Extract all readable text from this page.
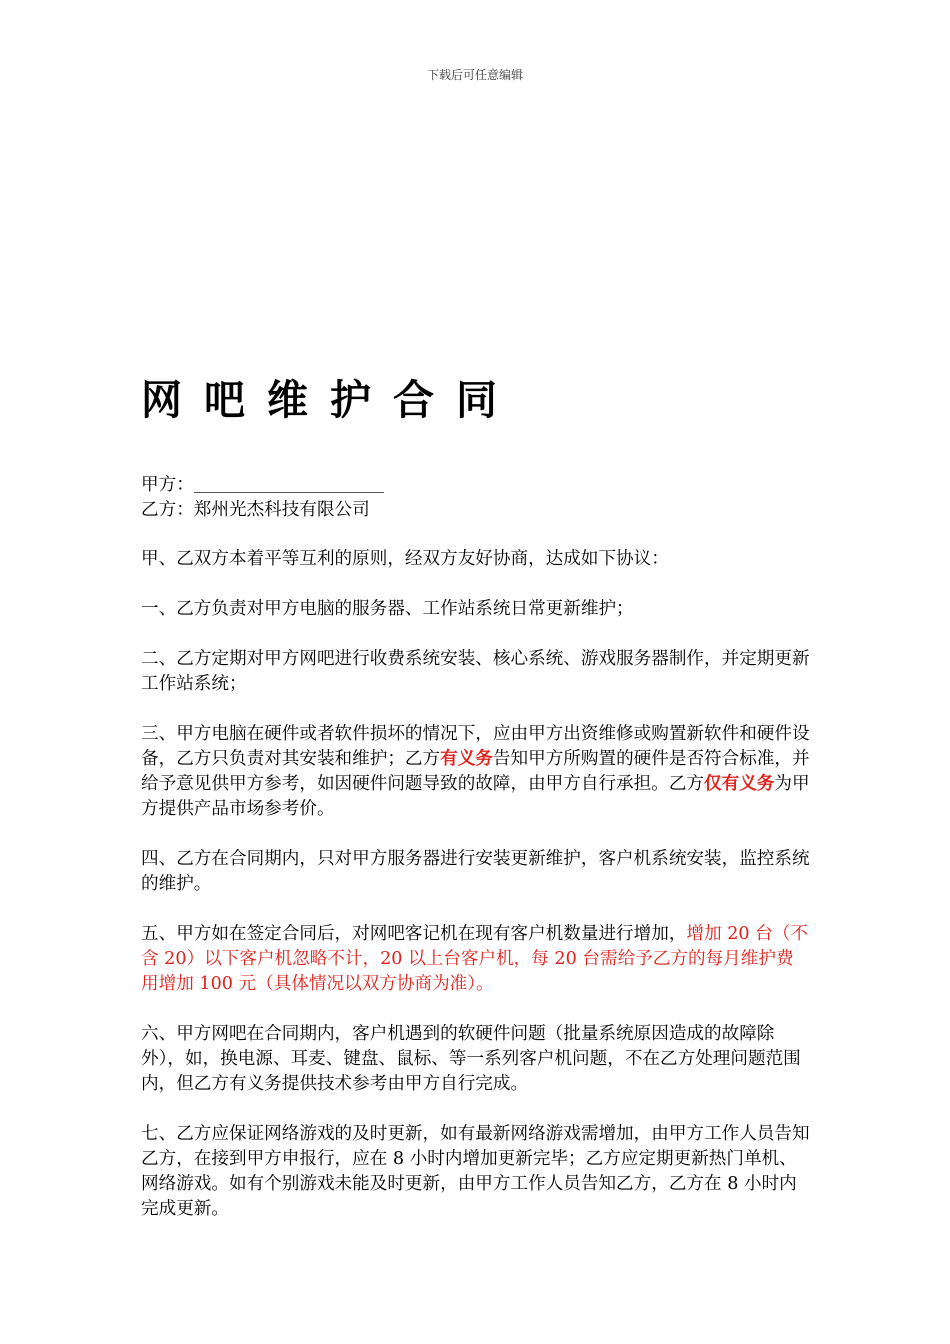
下载后可任意编辑
网吧维护合同

甲方：

乙方：郑州光杰科技有限公司

甲、乙双方本着平等互利的原则，经双方友好协商，达成如下协议：

一、乙方负责对甲方电脑的服务器、工作站系统日常更新维护；

二、乙方定期对甲方网吧进行收费系统安装、核心系统、游戏服务器制作，并定期更新工作站系统；

三、甲方电脑在硬件或者软件损坏的情况下，应由甲方出资维修或购置新软件和硬件设备，乙方只负责对其安装和维护；乙方有义务告知甲方所购置的硬件是否符合标准，并给予意见供甲方参考，如因硬件问题导致的故障，由甲方自行承担。乙方仅有义务为甲方提供产品市场参考价。

四、乙方在合同期内，只对甲方服务器进行安装更新维护，客户机系统安装，监控系统的维护。

五、甲方如在签定合同后，对网吧客记机在现有客户机数量进行增加，增加 20 台（不含 20）以下客户机忽略不计，20 以上台客户机，每 20 台需给予乙方的每月维护费用增加 100 元（具体情况以双方协商为准）。

六、甲方网吧在合同期内，客户机遇到的软硬件问题（批量系统原因造成的故障除外），如，换电源、耳麦、键盘、鼠标、等一系列客户机问题，不在乙方处理问题范围内，但乙方有义务提供技术参考由甲方自行完成。

七、乙方应保证网络游戏的及时更新，如有最新网络游戏需增加，由甲方工作人员告知乙方，在接到甲方申报行，应在 8 小时内增加更新完毕；乙方应定期更新热门单机、网络游戏。如有个别游戏未能及时更新，由甲方工作人员告知乙方，乙方在 8 小时内完成更新。
